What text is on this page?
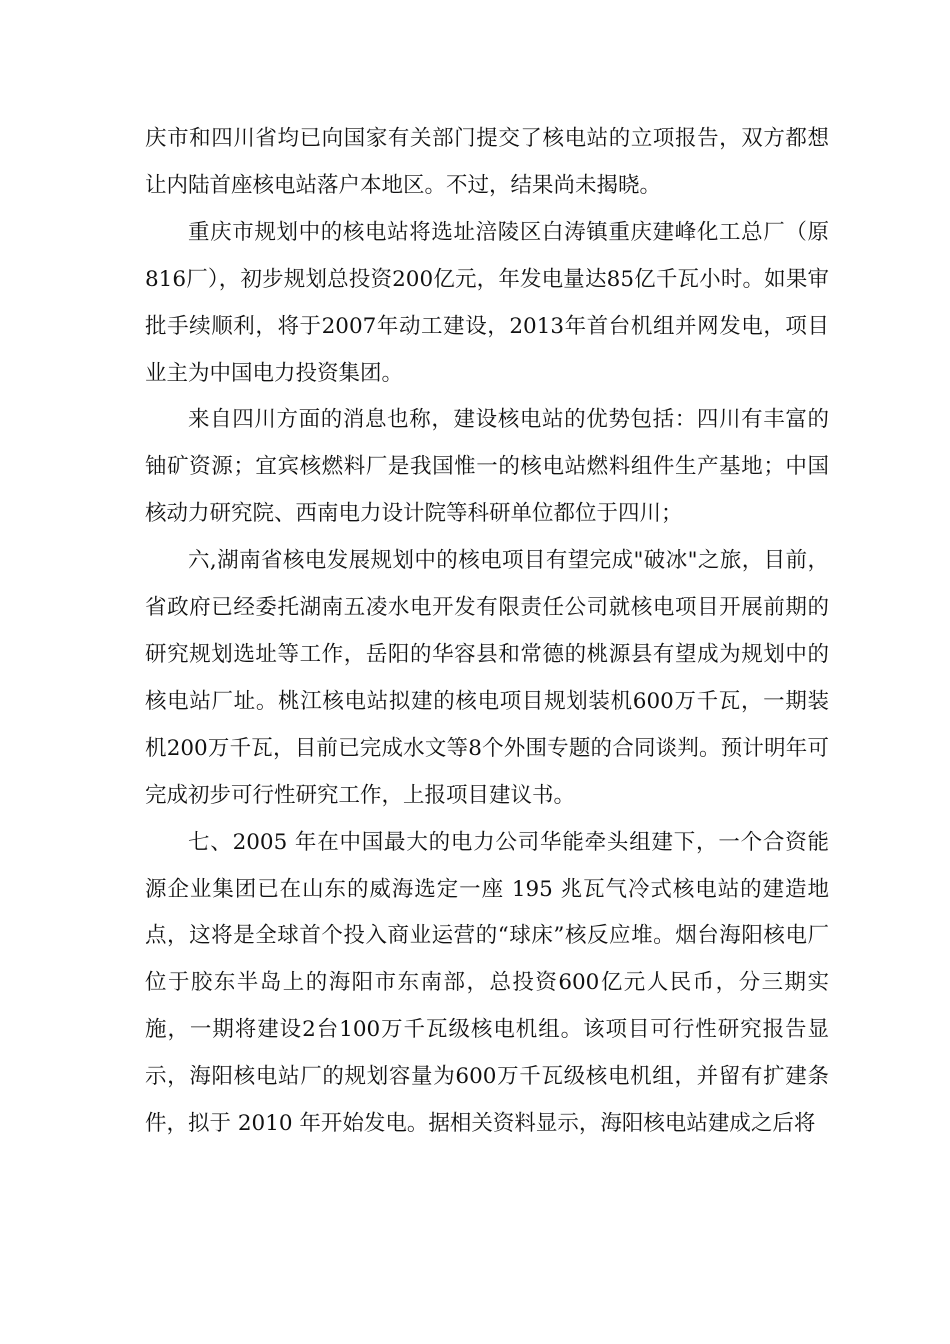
庆市和四川省均已向国家有关部门提交了核电站的立项报告，双方都想让内陆首座核电站落户本地区。不过，结果尚未揭晓。

重庆市规划中的核电站将选址涪陵区白涛镇重庆建峰化工总厂（原816厂），初步规划总投资200亿元，年发电量达85亿千瓦小时。如果审批手续顺利，将于2007年动工建设，2013年首台机组并网发电，项目业主为中国电力投资集团。

来自四川方面的消息也称，建设核电站的优势包括：四川有丰富的铀矿资源；宜宾核燃料厂是我国惟一的核电站燃料组件生产基地；中国核动力研究院、西南电力设计院等科研单位都位于四川；

六,湖南省核电发展规划中的核电项目有望完成"破冰"之旅，目前，省政府已经委托湖南五凌水电开发有限责任公司就核电项目开展前期的研究规划选址等工作，岳阳的华容县和常德的桃源县有望成为规划中的核电站厂址。桃江核电站拟建的核电项目规划装机600万千瓦，一期装机200万千瓦，目前已完成水文等8个外围专题的合同谈判。预计明年可完成初步可行性研究工作，上报项目建议书。

七、2005 年在中国最大的电力公司华能牵头组建下，一个合资能源企业集团已在山东的威海选定一座 195 兆瓦气冷式核电站的建造地点，这将是全球首个投入商业运营的“球床”核反应堆。烟台海阳核电厂位于胶东半岛上的海阳市东南部，总投资600亿元人民币，分三期实施，一期将建设2台100万千瓦级核电机组。该项目可行性研究报告显示，海阳核电站厂的规划容量为600万千瓦级核电机组，并留有扩建条件，拟于 2010 年开始发电。据相关资料显示，海阳核电站建成之后将
